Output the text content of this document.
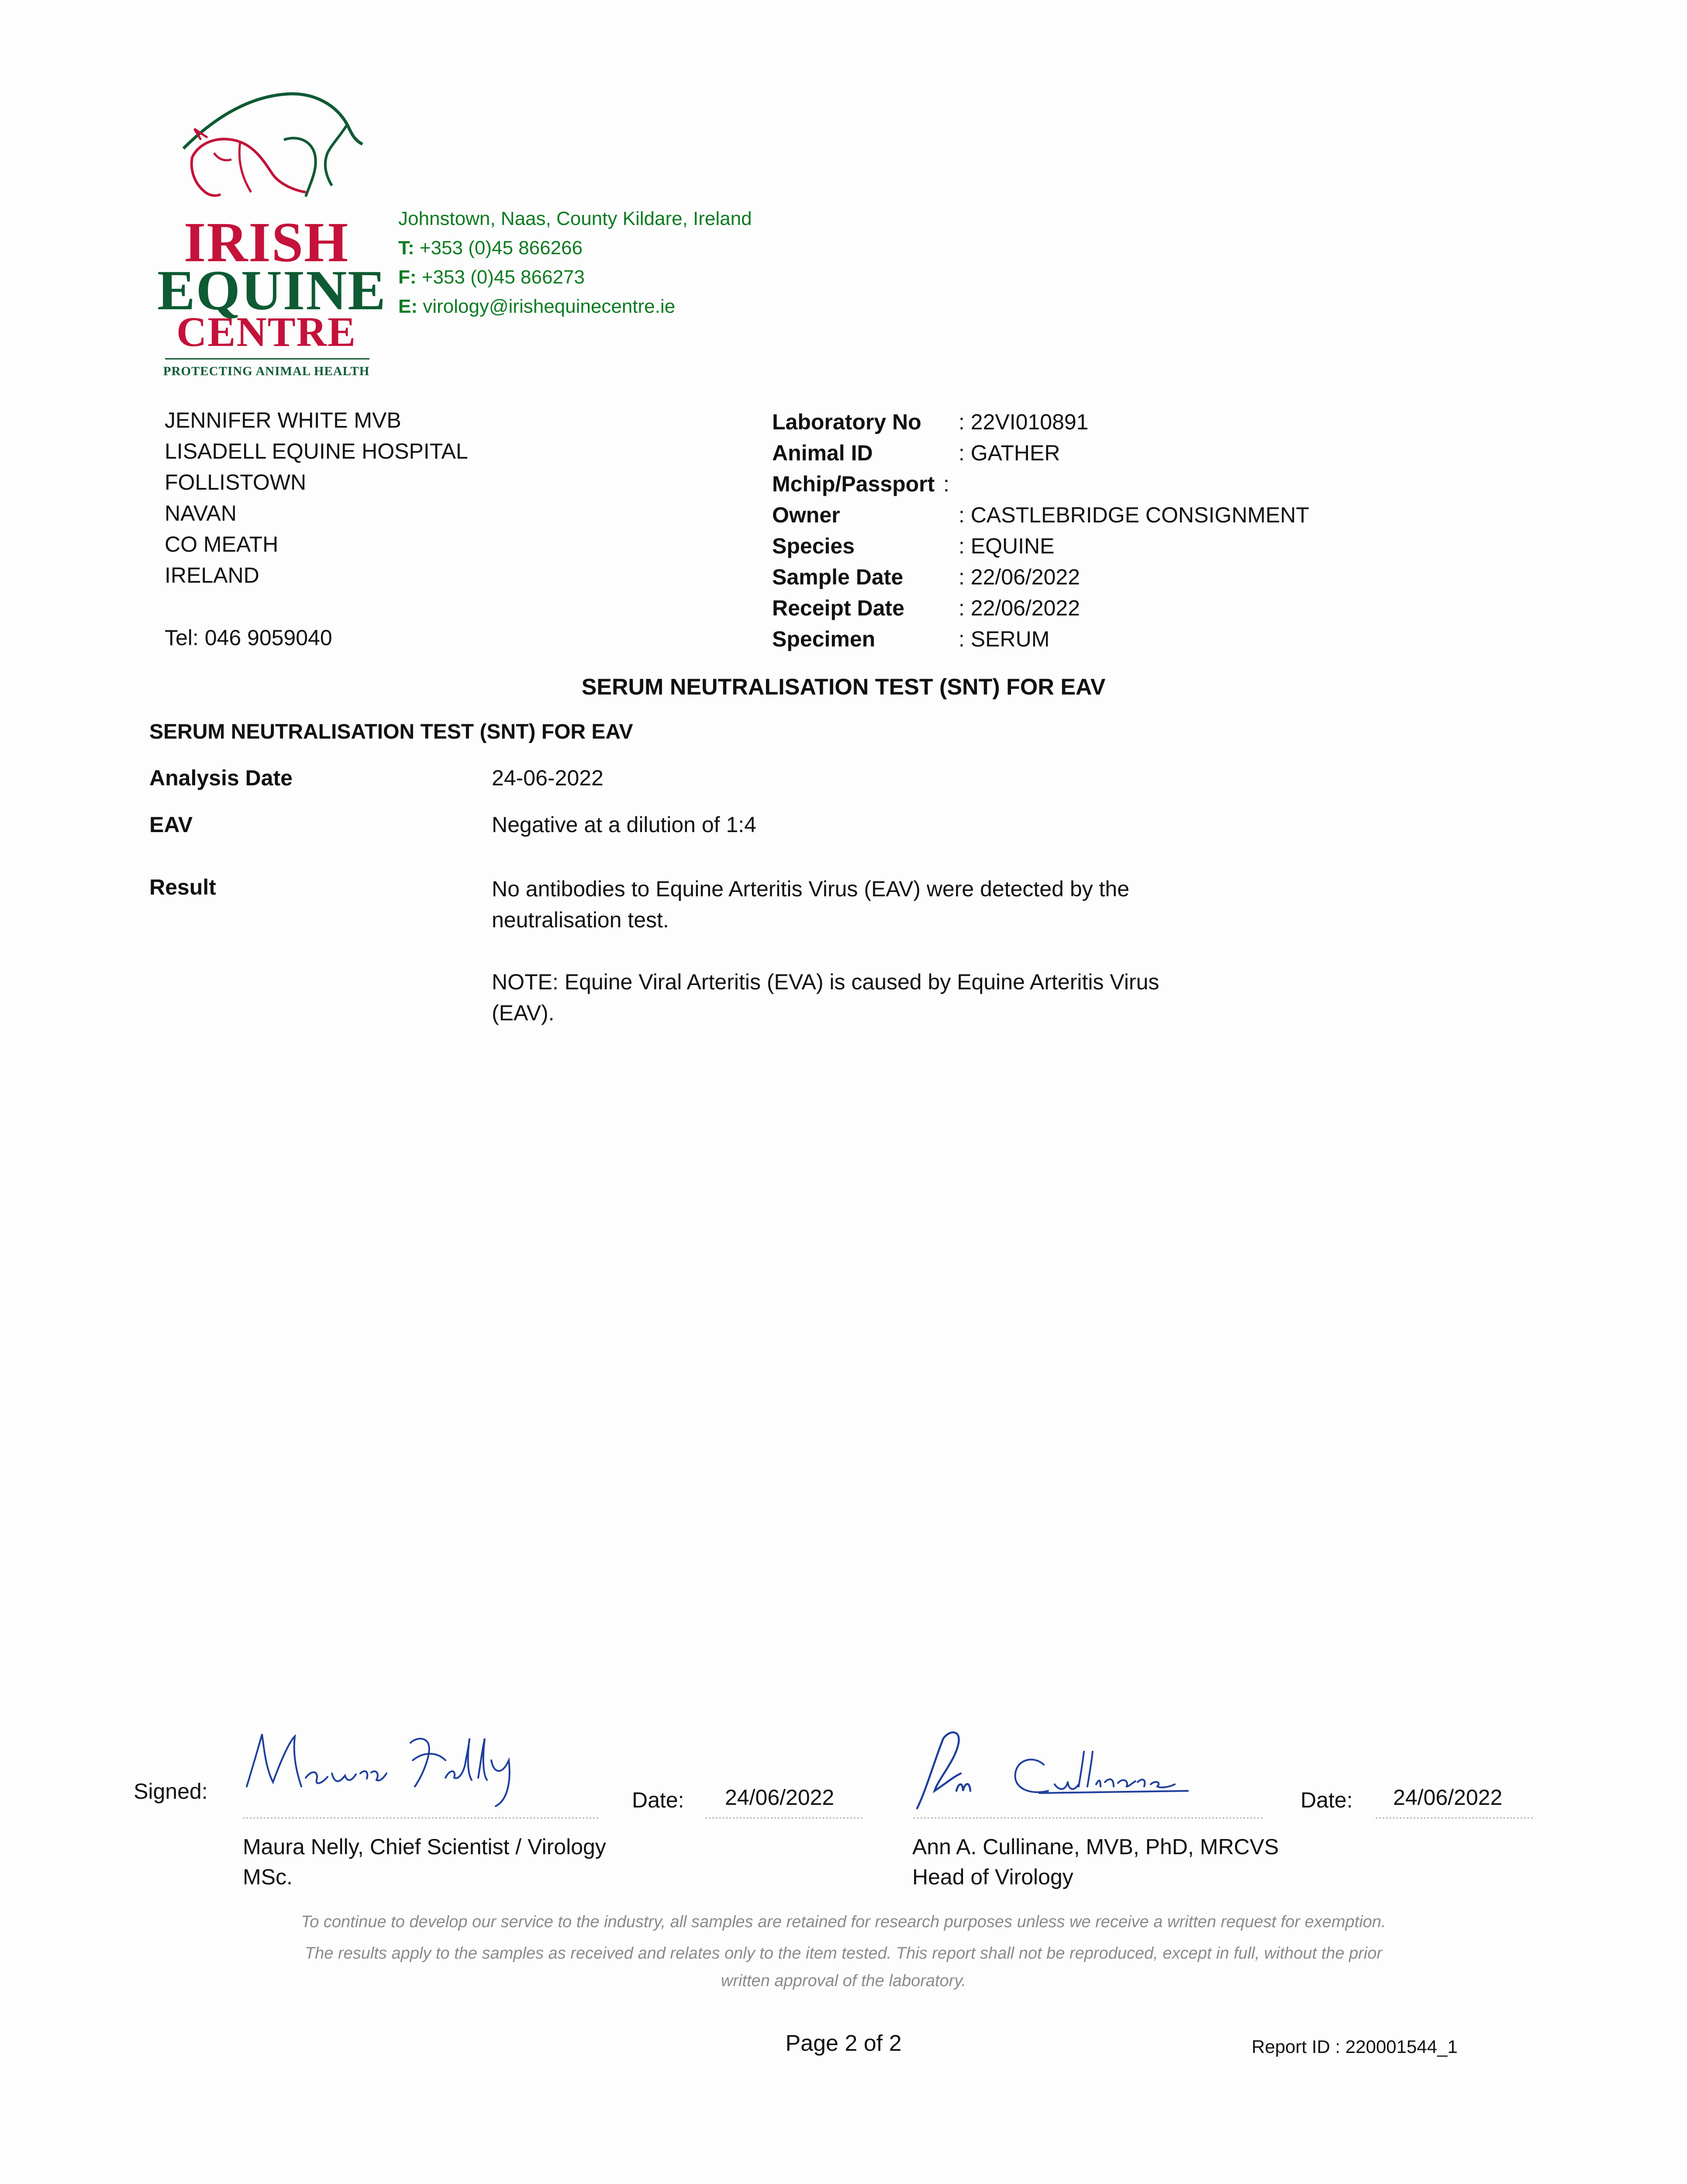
IRISH
EQUINE
CENTRE
PROTECTING ANIMAL HEALTH
Johnstown, Naas, County Kildare, Ireland
T: +353 (0)45 866266
F: +353 (0)45 866273
E: virology@irishequinecentre.ie
JENNIFER WHITE MVB
LISADELL EQUINE HOSPITAL
FOLLISTOWN
NAVAN
CO MEATH
IRELAND
Tel: 046 9059040
Laboratory No : 22VI010891
Animal ID	: GATHER
Mchip/Passport :
Owner	: CASTLEBRIDGE CONSIGNMENT
Species	: EQUINE
Sample Date	: 22/06/2022
Receipt Date : 22/06/2022
Specimen	: SERUM
SERUM NEUTRALISATION TEST (SNT) FOR EAV
SERUM NEUTRALISATION TEST (SNT) FOR EAV
Analysis Date	24-06-2022
EAV	Negative at a dilution of 1:4
Result	No antibodies to Equine Arteritis Virus (EAV) were detected by the
neutralisation test.
NOTE: Equine Viral Arteritis (EVA) is caused by Equine Arteritis Virus
(EAV).
Signed:	Date: 24/06/2022	Date: 24/06/2022
Maura Nelly, Chief Scientist / Virology
MSc.
Ann A. Cullinane, MVB, PhD, MRCVS
Head of Virology
To continue to develop our service to the industry, all samples are retained for research purposes unless we receive a written request for exemption.
The results apply to the samples as received and relates only to the item tested. This report shall not be reproduced, except in full, without the prior
written approval of the laboratory.
Page 2 of 2	Report ID : 220001544_1
